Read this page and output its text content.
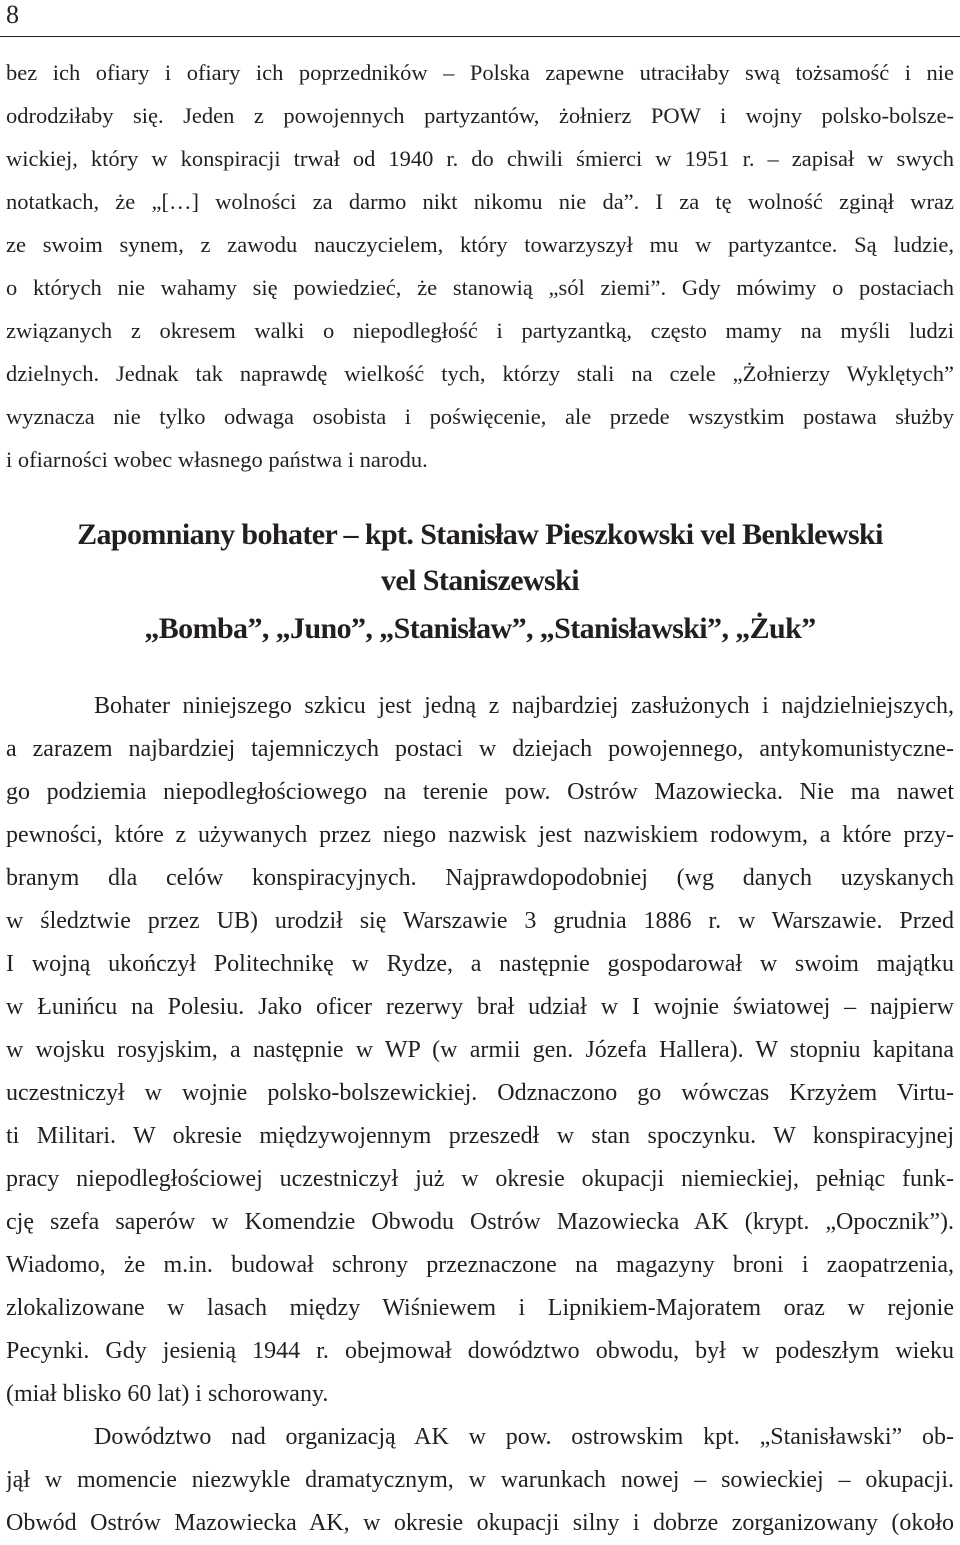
8
bez ich ofiary i ofiary ich poprzedników – Polska zapewne utraciłaby swą tożsamość i nie
odrodziłaby się. Jeden z powojennych partyzantów, żołnierz POW i wojny polsko-bolsze-
wickiej, który w konspiracji trwał od 1940 r. do chwili śmierci w 1951 r. – zapisał w swych
notatkach, że „[…] wolności za darmo nikt nikomu nie da”. I za tę wolność zginął wraz
ze swoim synem, z zawodu nauczycielem, który towarzyszył mu w partyzantce. Są ludzie,
o których nie wahamy się powiedzieć, że stanowią „sól ziemi”. Gdy mówimy o postaciach
związanych z okresem walki o niepodległość i partyzantką, często mamy na myśli ludzi
dzielnych. Jednak tak naprawdę wielkość tych, którzy stali na czele „Żołnierzy Wyklętych”
wyznacza nie tylko odwaga osobista i poświęcenie, ale przede wszystkim postawa służby
i ofiarności wobec własnego państwa i narodu.
Zapomniany bohater – kpt. Stanisław Pieszkowski vel Benklewski
vel Staniszewski
„Bomba”, „Juno”, „Stanisław”, „Stanisławski”, „Żuk”
Bohater niniejszego szkicu jest jedną z najbardziej zasłużonych i najdzielniejszych,
a zarazem najbardziej tajemniczych postaci w dziejach powojennego, antykomunistyczne-
go podziemia niepodległościowego na terenie pow. Ostrów Mazowiecka. Nie ma nawet
pewności, które z używanych przez niego nazwisk jest nazwiskiem rodowym, a które przy-
branym dla celów konspiracyjnych. Najprawdopodobniej (wg danych uzyskanych
w śledztwie przez UB) urodził się Warszawie 3 grudnia 1886 r. w Warszawie. Przed
I wojną ukończył Politechnikę w Rydze, a następnie gospodarował w swoim majątku
w Łunińcu na Polesiu. Jako oficer rezerwy brał udział w I wojnie światowej – najpierw
w wojsku rosyjskim, a następnie w WP (w armii gen. Józefa Hallera). W stopniu kapitana
uczestniczył w wojnie polsko-bolszewickiej. Odznaczono go wówczas Krzyżem Virtu-
ti Militari. W okresie międzywojennym przeszedł w stan spoczynku. W konspiracyjnej
pracy niepodległościowej uczestniczył już w okresie okupacji niemieckiej, pełniąc funk-
cję szefa saperów w Komendzie Obwodu Ostrów Mazowiecka AK (krypt. „Opocznik”).
Wiadomo, że m.in. budował schrony przeznaczone na magazyny broni i zaopatrzenia,
zlokalizowane w lasach między Wiśniewem i Lipnikiem-Majoratem oraz w rejonie
Pecynki. Gdy jesienią 1944 r. obejmował dowództwo obwodu, był w podeszłym wieku
(miał blisko 60 lat) i schorowany.
Dowództwo nad organizacją AK w pow. ostrowskim kpt. „Stanisławski” ob-
jął w momencie niezwykle dramatycznym, w warunkach nowej – sowieckiej – okupacji.
Obwód Ostrów Mazowiecka AK, w okresie okupacji silny i dobrze zorganizowany (około
